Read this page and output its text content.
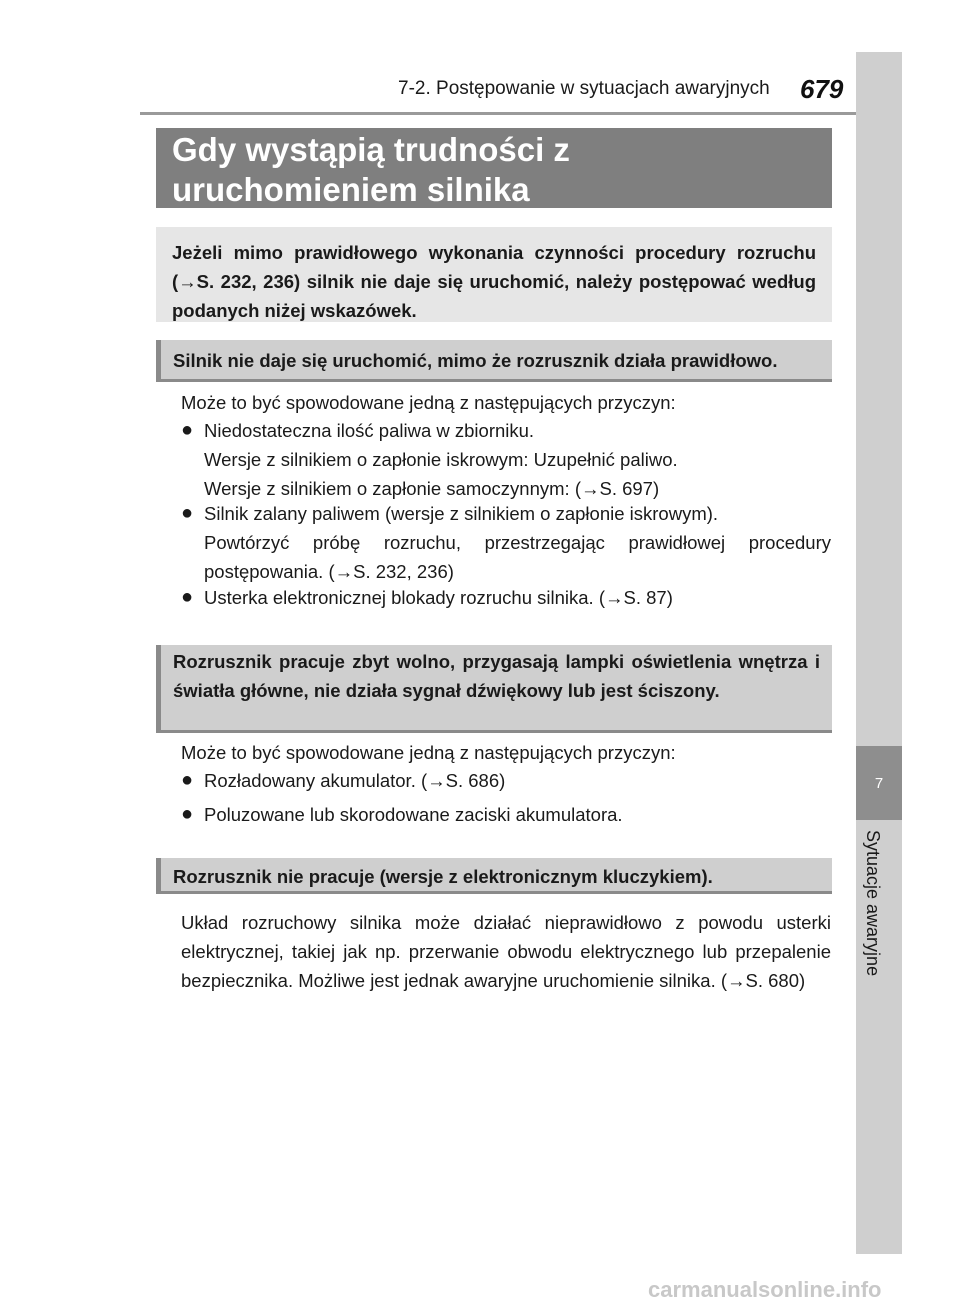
7-2. Postępowanie w sytuacjach awaryjnych 679
7
Sytuacje awaryjne
Gdy wystąpią trudności z uruchomieniem silnika
Jeżeli mimo prawidłowego wykonania czynności procedury rozruchu (→S. 232, 236) silnik nie daje się uruchomić, należy postępować według podanych niżej wskazówek.
Silnik nie daje się uruchomić, mimo że rozrusznik działa prawidłowo.
Może to być spowodowane jedną z następujących przyczyn:
● Niedostateczna ilość paliwa w zbiorniku.
Wersje z silnikiem o zapłonie iskrowym: Uzupełnić paliwo.
Wersje z silnikiem o zapłonie samoczynnym: (→S. 697)
● Silnik zalany paliwem (wersje z silnikiem o zapłonie iskrowym).
Powtórzyć próbę rozruchu, przestrzegając prawidłowej procedury postępowania. (→S. 232, 236)
● Usterka elektronicznej blokady rozruchu silnika. (→S. 87)
Rozrusznik pracuje zbyt wolno, przygasają lampki oświetlenia wnętrza i światła główne, nie działa sygnał dźwiękowy lub jest ściszony.
Może to być spowodowane jedną z następujących przyczyn:
● Rozładowany akumulator. (→S. 686)
● Poluzowane lub skorodowane zaciski akumulatora.
Rozrusznik nie pracuje (wersje z elektronicznym kluczykiem).
Układ rozruchowy silnika może działać nieprawidłowo z powodu usterki elektrycznej, takiej jak np. przerwanie obwodu elektrycznego lub przepalenie bezpiecznika. Możliwe jest jednak awaryjne uruchomienie silnika. (→S. 680)
carmanualsonline.info
